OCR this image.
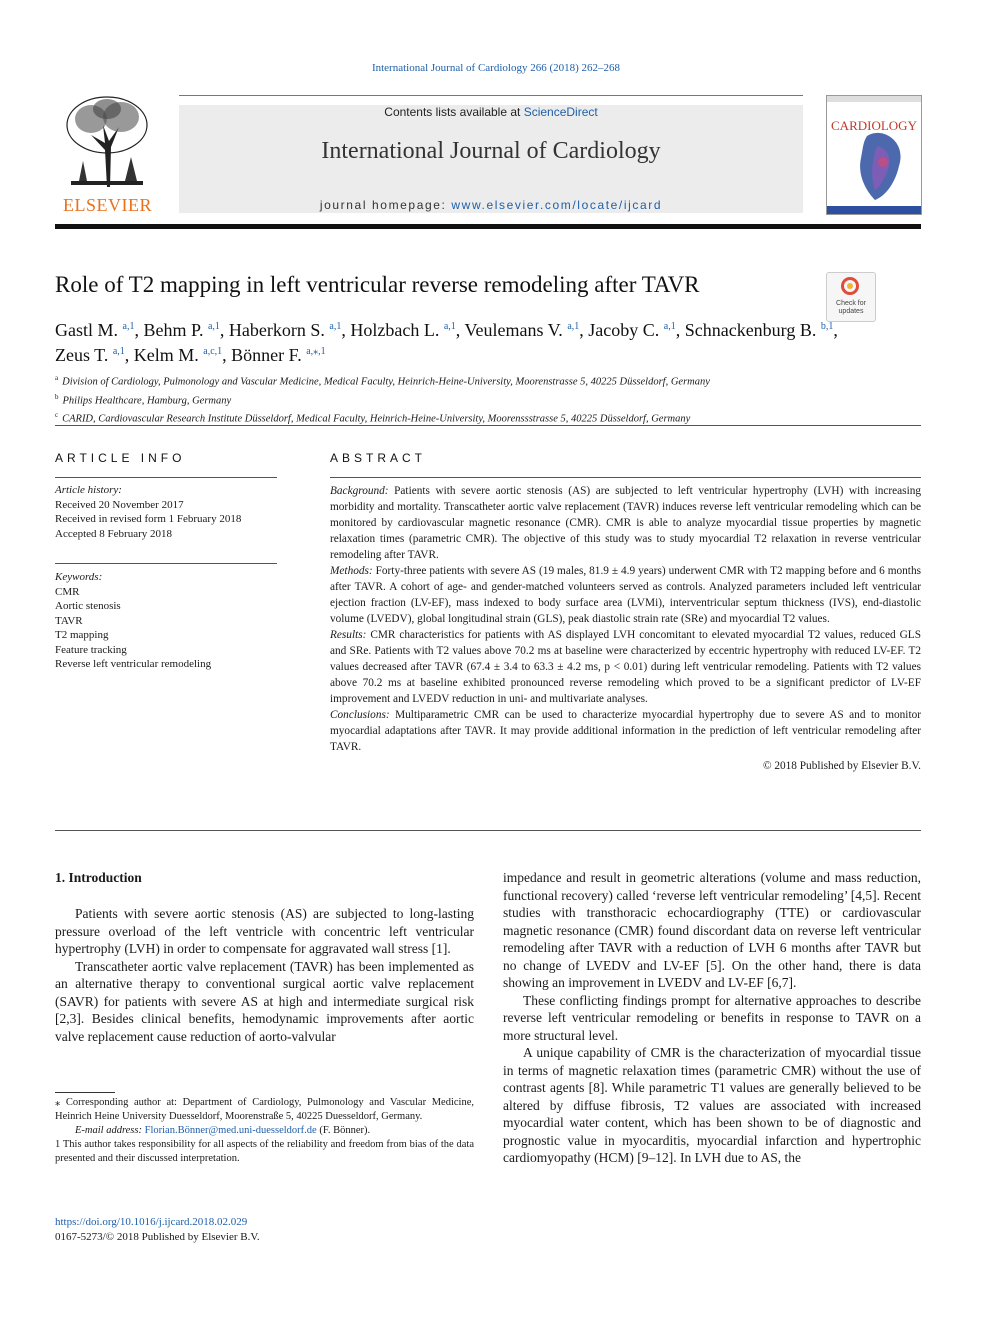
International Journal of Cardiology 266 (2018) 262–268
ELSEVIER
Contents lists available at ScienceDirect
International Journal of Cardiology
journal homepage: www.elsevier.com/locate/ijcard
CARDIOLOGY
Role of T2 mapping in left ventricular reverse remodeling after TAVR
Check for updates
Gastl M. $^{a,1}$, Behm P. $^{a,1}$, Haberkorn S. $^{a,1}$, Holzbach L. $^{a,1}$, Veulemans V. $^{a,1}$, Jacoby C. $^{a,1}$, Schnackenburg B. $^{b,1}$,
Zeus T. $^{a,1}$, Kelm M. $^{a,c,1}$, Bönner F. $^{a,⁎,1}$
$^a$ Division of Cardiology, Pulmonology and Vascular Medicine, Medical Faculty, Heinrich-Heine-University, Moorenstrasse 5, 40225 Düsseldorf, Germany
$^b$ Philips Healthcare, Hamburg, Germany
$^c$ CARID, Cardiovascular Research Institute Düsseldorf, Medical Faculty, Heinrich-Heine-University, Moorenssstrasse 5, 40225 Düsseldorf, Germany
ARTICLE INFO
Article history:
Received 20 November 2017
Received in revised form 1 February 2018
Accepted 8 February 2018
Keywords:
CMR
Aortic stenosis
TAVR
T2 mapping
Feature tracking
Reverse left ventricular remodeling
ABSTRACT

Background: Patients with severe aortic stenosis (AS) are subjected to left ventricular hypertrophy (LVH) with increasing morbidity and mortality. Transcatheter aortic valve replacement (TAVR) induces reverse left ventricular remodeling which can be monitored by cardiovascular magnetic resonance (CMR). CMR is able to analyze myocardial tissue properties by magnetic relaxation times (parametric CMR). The objective of this study was to study myocardial T2 relaxation in reverse ventricular remodeling after TAVR.

Methods: Forty-three patients with severe AS (19 males, 81.9 ± 4.9 years) underwent CMR with T2 mapping before and 6 months after TAVR. A cohort of age- and gender-matched volunteers served as controls. Analyzed parameters included left ventricular ejection fraction (LV-EF), mass indexed to body surface area (LVMi), interventricular septum thickness (IVS), end-diastolic volume (LVEDV), global longitudinal strain (GLS), peak diastolic strain rate (SRe) and myocardial T2 values.

Results: CMR characteristics for patients with AS displayed LVH concomitant to elevated myocardial T2 values, reduced GLS and SRe. Patients with T2 values above 70.2 ms at baseline were characterized by eccentric hypertrophy with reduced LV-EF. T2 values decreased after TAVR (67.4 ± 3.4 to 63.3 ± 4.2 ms, p < 0.01) during left ventricular remodeling. Patients with T2 values above 70.2 ms at baseline exhibited pronounced reverse remodeling which proved to be a significant predictor of LV-EF improvement and LVEDV reduction in uni- and multivariate analyses.

Conclusions: Multiparametric CMR can be used to characterize myocardial hypertrophy due to severe AS and to monitor myocardial adaptations after TAVR. It may provide additional information in the prediction of left ventricular remodeling after TAVR.

© 2018 Published by Elsevier B.V.

1. Introduction

Patients with severe aortic stenosis (AS) are subjected to long-lasting pressure overload of the left ventricle with concentric left ventricular hypertrophy (LVH) in order to compensate for aggravated wall stress [1].

Transcatheter aortic valve replacement (TAVR) has been implemented as an alternative therapy to conventional surgical aortic valve replacement (SAVR) for patients with severe AS at high and intermediate surgical risk [2,3]. Besides clinical benefits, hemodynamic improvements after aortic valve replacement cause reduction of aorto-valvular

impedance and result in geometric alterations (volume and mass reduction, functional recovery) called ‘reverse left ventricular remodeling’ [4,5]. Recent studies with transthoracic echocardiography (TTE) or cardiovascular magnetic resonance (CMR) found discordant data on reverse left ventricular remodeling after TAVR with a reduction of LVH 6 months after TAVR but no change of LVEDV and LV-EF [5]. On the other hand, there is data showing an improvement in LVEDV and LV-EF [6,7].

These conflicting findings prompt for alternative approaches to describe reverse left ventricular remodeling or benefits in response to TAVR on a more structural level.

A unique capability of CMR is the characterization of myocardial tissue in terms of magnetic relaxation times (parametric CMR) without the use of contrast agents [8]. While parametric T1 values are generally believed to be altered by diffuse fibrosis, T2 values are associated with increased myocardial water content, which has been shown to be of diagnostic and prognostic value in myocarditis, myocardial infarction and hypertrophic cardiomyopathy (HCM) [9–12]. In LVH due to AS, the

⁎ Corresponding author at: Department of Cardiology, Pulmonology and Vascular Medicine, Heinrich Heine University Duesseldorf, Moorenstraße 5, 40225 Duesseldorf, Germany.

E-mail address: Florian.Bönner@med.uni-duesseldorf.de (F. Bönner).

1 This author takes responsibility for all aspects of the reliability and freedom from bias of the data presented and their discussed interpretation.

https://doi.org/10.1016/j.ijcard.2018.02.029
0167-5273/© 2018 Published by Elsevier B.V.
